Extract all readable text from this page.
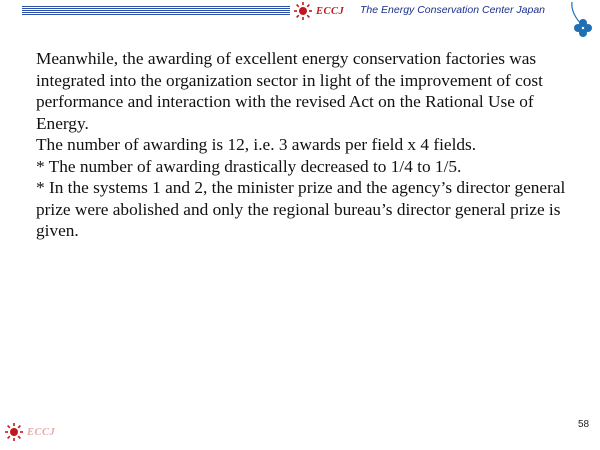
ECCJ The Energy Conservation Center Japan

Meanwhile, the awarding of excellent energy conservation factories was integrated into the organization sector in light of the improvement of cost performance and interaction with the revised Act on the Rational Use of Energy.

The number of awarding is 12, i.e. 3 awards per field x 4 fields.

* The number of awarding drastically decreased to 1/4 to 1/5.

* In the systems 1 and 2, the minister prize and the agency’s director general prize were abolished and only the regional bureau’s director general prize is given.

ECCJ
58
